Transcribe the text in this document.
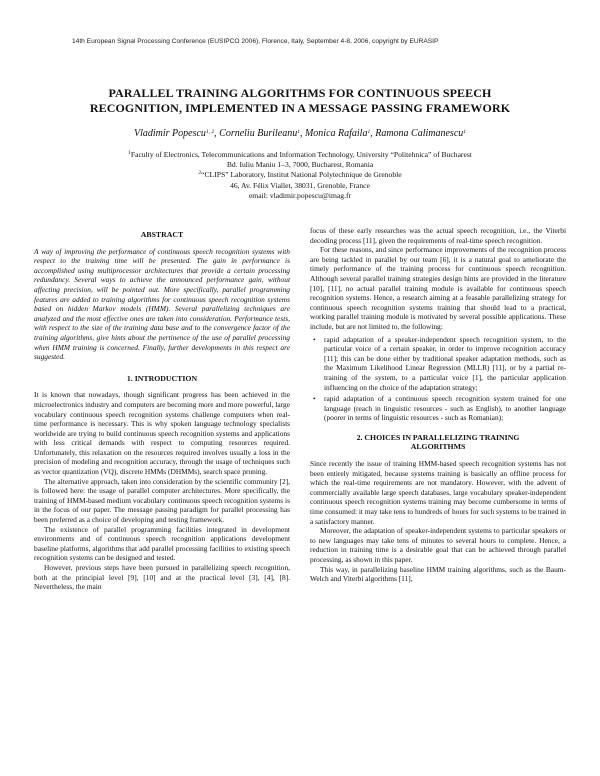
14th European Signal Processing Conference (EUSIPCO 2006), Florence, Italy, September 4-8, 2006, copyright by EURASIP
PARALLEL TRAINING ALGORITHMS FOR CONTINUOUS SPEECH
RECOGNITION, IMPLEMENTED IN A MESSAGE PASSING FRAMEWORK
Vladimir Popescu$^{1, 2}$, Corneliu Burileanu$^1$, Monica Rafaila$^1$, Ramona Calimanescu$^1$
$^1$Faculty of Electronics, Telecommunications and Information Technology, University “Politehnica” of Bucharest
Bd. Iuliu Maniu 1–3, 7000, Bucharest, Romania
$^2$“CLIPS” Laboratory, Institut National Polytechnique de Grenoble
46, Av. Félix Viallet, 38031, Grenoble, France
email: vladimir.popescu@imag.fr
ABSTRACT
A way of improving the performance of continuous speech recognition systems with respect to the training time will be presented. The gain in performance is accomplished using multiprocessor architectures that provide a certain processing redundancy. Several ways to achieve the announced performance gain, without affecting precision, will be pointed out. More specifically, parallel programming features are added to training algorithms for continuous speech recognition systems based on hidden Markov models (HMM). Several parallelizing techniques are analyzed and the most effective ones are taken into consideration. Performance tests, with respect to the size of the training data base and to the convergence factor of the training algorithms, give hints about the pertinence of the use of parallel processing when HMM training is concerned. Finally, further developments in this respect are suggested.
1. INTRODUCTION

It is known that nowadays, though significant progress has been achieved in the microelectronics industry and computers are becoming more and more powerful, large vocabulary continuous speech recognition systems challenge computers when real-time performance is necessary. This is why spoken language technology specialists worldwide are trying to build continuous speech recognition systems and applications with less critical demands with respect to computing resources required. Unfortunately, this relaxation on the resources required involves usually a loss in the precision of modeling and recognition accuracy, through the usage of techniques such as vector quantization (VQ), discrete HMMs (DHMMs), search space pruning.

The alternative approach, taken into consideration by the scientific community [2], is followed here: the usage of parallel computer architectures. More specifically, the training of HMM-based medium vocabulary continuous speech recognition systems is in the focus of our paper. The message passing paradigm for parallel processing has been preferred as a choice of developing and testing framework.

The existence of parallel programming facilities integrated in development environments and of continuous speech recognition applications development baseline platforms, algorithms that add parallel processing facilities to existing speech recognition systems can be designed and tested.

However, previous steps have been pursued in parallelizing speech recognition, both at the principial level [9], [10] and at the practical level [3], [4], [8]. Nevertheless, the main

focus of these early researches was the actual speech recognition, i.e., the Viterbi decoding process [11], given the requirements of real-time speech recognition.

For these reasons, and since performance improvements of the recognition process are being tackled in parallel by our team [6], it is a natural goal to ameliorate the timely performance of the training process for continuous speech recognition. Although several parallel training strategies design hints are provided in the literature [10], [11], no actual parallel training module is available for continuous speech recognition systems. Hence, a research aiming at a feasable parallelizing strategy for continuous speech recognition systems training that should lead to a practical, working parallel training module is motivated by several possible applications. These include, but are not limited to, the following:

• rapid adaptation of a speaker-independent speech recognition system, to the particular voice of a certain speaker, in order to improve recognition accuracy [11]; this can be done either by traditional speaker adaptation methods, such as the Maximum Likelihood Linear Regression (MLLR) [11], or by a partial re-training of the system, to a particular voice [1], the particular application influencing on the choice of the adaptation strategy;
• rapid adaptation of a continuous speech recognition system trained for one language (reach in linguistic resources - such as English), to another language (poorer in terms of linguistic resources - such as Romanian);
2. CHOICES IN PARALLELIZING TRAINING
ALGORITHMS

Since recently the issue of training HMM-based speech recognition systems has not been entirely mitigated, because systems training is basically an offline process for which the real-time requirements are not mandatory. However, with the advent of commercially available large speech databases, large vocabulary speaker-independent continuous speech recognition systems training may become cumbersome in terms of time consumed: it may take tens to hundreds of hours for such systems to be trained in a satisfactory manner.

Moreover, the adaptation of speaker-independent systems to particular speakers or to new languages may take tens of minutes to several hours to complete. Hence, a reduction in training time is a desirable goal that can be achieved through parallel processing, as shown in this paper.

This way, in parallelizing baseline HMM training algorithms, such as the Baum-Welch and Viterbi algorithms [11],
